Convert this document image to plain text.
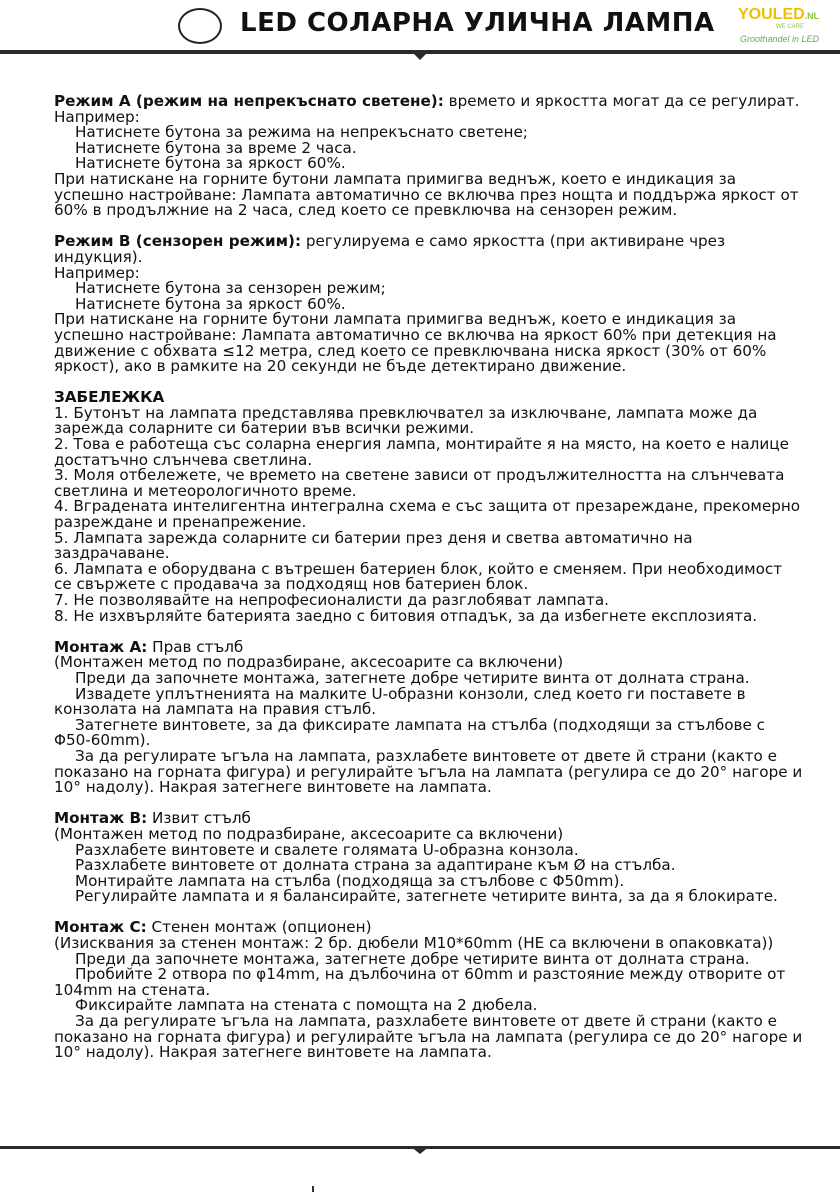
LED СОЛАРНА УЛИЧНА ЛАМПА YOULED.NL
WE CARE
Groothandel in LED

Режим А (режим на непрекъснато светене): времето и яркостта могат да се регулират.

Например:

Натиснете бутона за режима на непрекъснато светене;

Натиснете бутона за време 2 часа.

Натиснете бутона за яркост 60%.

При натискане на горните бутони лампата примигва веднъж, което е индикация за успешно настройване: Лампата автоматично се включва през нощта и поддържа яркост от 60% в продължние на 2 часа, след което се превключва на сензорен режим.

Режим В (сензорен режим): регулируема е само яркостта (при активиране чрез индукция).

Например:

Натиснете бутона за сензорен режим;

Натиснете бутона за яркост 60%.

При натискане на горните бутони лампата примигва веднъж, което е индикация за успешно настройване: Лампата автоматично се включва на яркост 60% при детекция на движение с обхвата ≤12 метра, след което се превключвана ниска яркост (30% от 60% яркост), ако в рамките на 20 секунди не бъде детектирано движение.

ЗАБЕЛЕЖКА

1. Бутонът на лампата представлява превключвател за изключване, лампата може да зарежда соларните си батерии във всички режими.

2. Това е работеща със соларна енергия лампа, монтирайте я на място, на което е налице достатъчно слънчева светлина.

3. Моля отбележете, че времето на светене зависи от продължителността на слънчевата светлина и метеорологичното време.

4. Вградената интелигентна интегрална схема е със защита от презареждане, прекомерно разреждане и пренапрежение.

5. Лампата зарежда соларните си батерии през деня и светва автоматично на заздрачаване.

6. Лампата е оборудвана с вътрешен батериен блок, който е сменяем. При необходимост се свържете с продавача за подходящ нов батериен блок.

7. Не позволявайте на непрофесионалисти да разглобяват лампата.

8. Не изхвърляйте батерията заедно с битовия отпадък, за да избегнете експлозията.

Монтаж А: Прав стълб

(Монтажен метод по подразбиране, аксесоарите са включени)

Преди да започнете монтажа, затегнете добре четирите винта от долната страна.

Извадете уплътненията на малките U-образни конзоли, след което ги поставете в конзолата на лампата на правия стълб.

Затегнете винтовете, за да фиксирате лампата на стълба (подходящи за стълбове с Φ50-60mm).

За да регулирате ъгъла на лампата, разхлабете винтовете от двете й страни (както е показано на горната фигура) и регулирайте ъгъла на лампата (регулира се до 20° нагоре и 10° надолу). Накрая затегнеге винтовете на лампата.

Монтаж В: Извит стълб

(Монтажен метод по подразбиране, аксесоарите са включени)

Разхлабете винтовете и свалете голямата U-образна конзола.

Разхлабете винтовете от долната страна за адаптиране към Ø на стълба.

Монтирайте лампата на стълба (подходяща за стълбове с Φ50mm).

Регулирайте лампата и я балансирайте, затегнете четирите винта, за да я блокирате.

Монтаж С: Стенен монтаж (опционен)

(Изисквания за стенен монтаж: 2 бр. дюбели M10*60mm (НЕ са включени в опаковката))

Преди да започнете монтажа, затегнете добре четирите винта от долната страна.

Пробийте 2 отвора по φ14mm, на дълбочина от 60mm и разстояние между отворите от 104mm на стената.

Фиксирайте лампата на стената с помощта на 2 дюбела.

За да регулирате ъгъла на лампата, разхлабете винтовете от двете й страни (както е показано на горната фигура) и регулирайте ъгъла на лампата (регулира се до 20° нагоре и 10° надолу). Накрая затегнеге винтовете на лампата.
